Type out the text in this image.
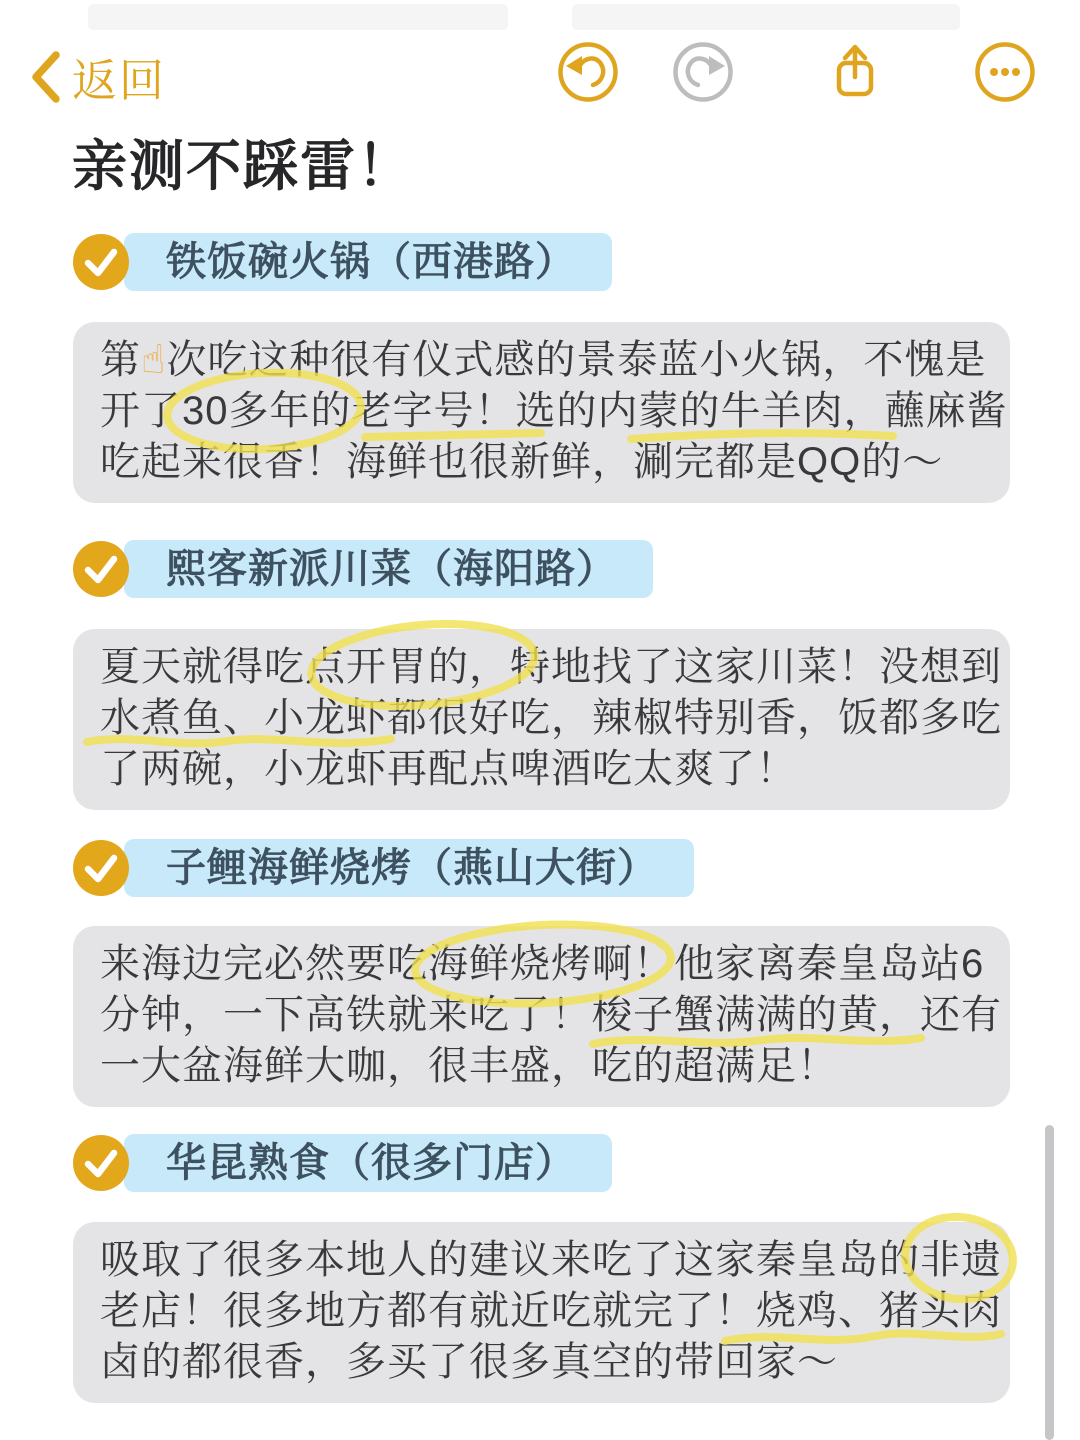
返回
亲测不踩雷！
铁饭碗火锅（西港路）
第☝次吃这种很有仪式感的景泰蓝小火锅，不愧是
开了30多年的老字号！选的内蒙的牛羊肉，蘸麻酱
吃起来很香！海鲜也很新鲜，涮完都是QQ的～
熙客新派川菜（海阳路）
夏天就得吃点开胃的，特地找了这家川菜！没想到
水煮鱼、小龙虾都很好吃，辣椒特别香，饭都多吃
了两碗，小龙虾再配点啤酒吃太爽了！
子鲤海鲜烧烤（燕山大街）
来海边完必然要吃海鲜烧烤啊！他家离秦皇岛站6
分钟，一下高铁就来吃了！梭子蟹满满的黄，还有
一大盆海鲜大咖，很丰盛，吃的超满足！
华昆熟食（很多门店）
吸取了很多本地人的建议来吃了这家秦皇岛的非遗
老店！很多地方都有就近吃就完了！烧鸡、猪头肉
卤的都很香，多买了很多真空的带回家～
